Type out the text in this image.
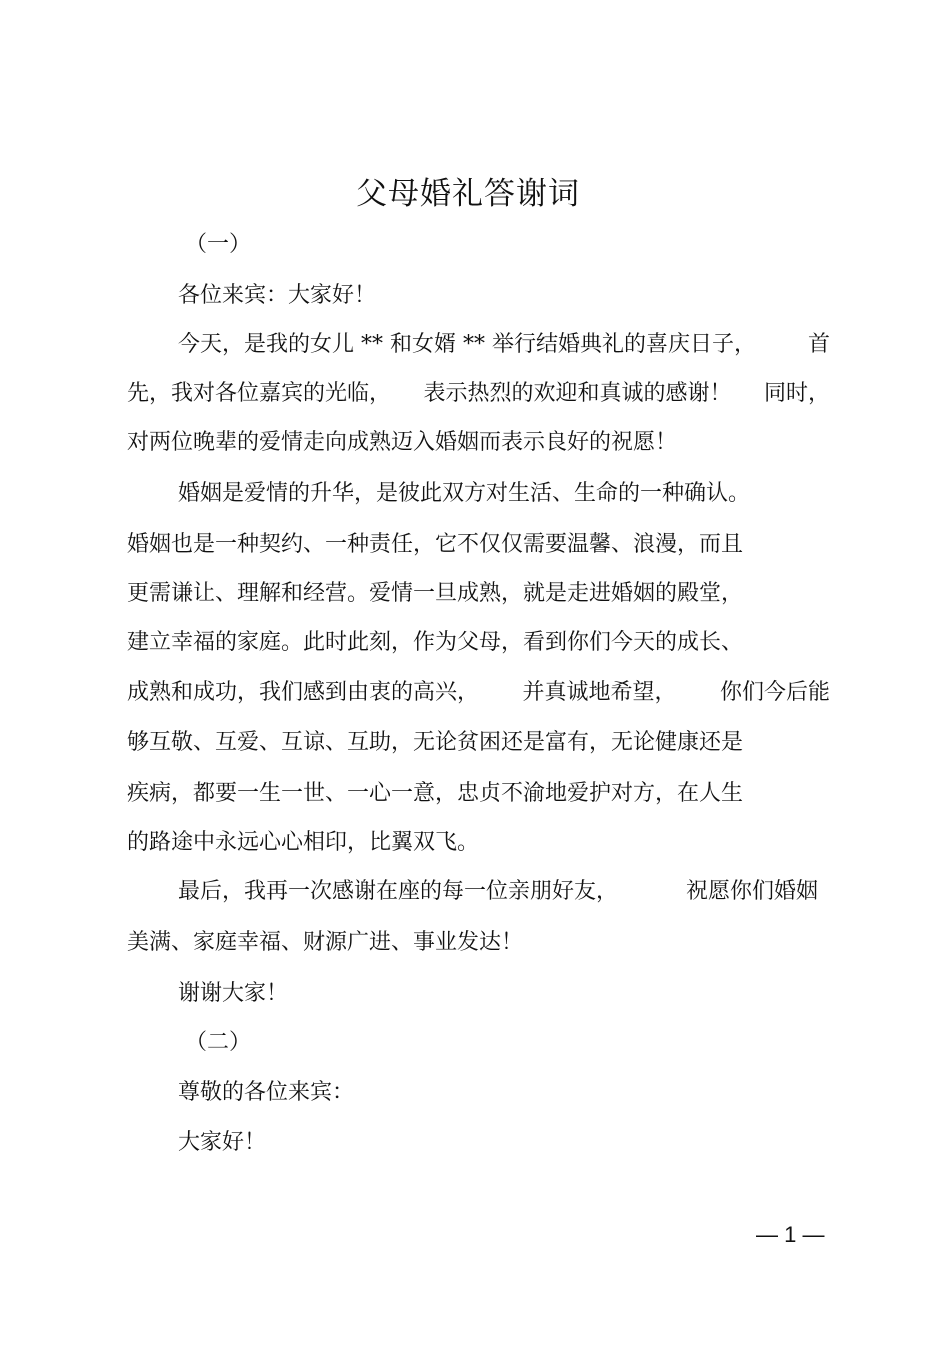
父母婚礼答谢词
（一）
各位来宾：大家好！
今天，是我的女儿 ** 和女婿 ** 举行结婚典礼的喜庆日子， 首
先，我对各位嘉宾的光临， 表示热烈的欢迎和真诚的感谢！ 同时，
对两位晚辈的爱情走向成熟迈入婚姻而表示良好的祝愿！
婚姻是爱情的升华，是彼此双方对生活、生命的一种确认。
婚姻也是一种契约、一种责任，它不仅仅需要温馨、浪漫，而且
更需谦让、理解和经营。爱情一旦成熟，就是走进婚姻的殿堂，
建立幸福的家庭。此时此刻，作为父母，看到你们今天的成长、
成熟和成功，我们感到由衷的高兴， 并真诚地希望， 你们今后能
够互敬、互爱、互谅、互助，无论贫困还是富有，无论健康还是
疾病，都要一生一世、一心一意，忠贞不渝地爱护对方，在人生
的路途中永远心心相印，比翼双飞。
最后，我再一次感谢在座的每一位亲朋好友，	祝愿你们婚姻
美满、家庭幸福、财源广进、事业发达！
谢谢大家！
（二）
尊敬的各位来宾：
大家好！
— 1 —
